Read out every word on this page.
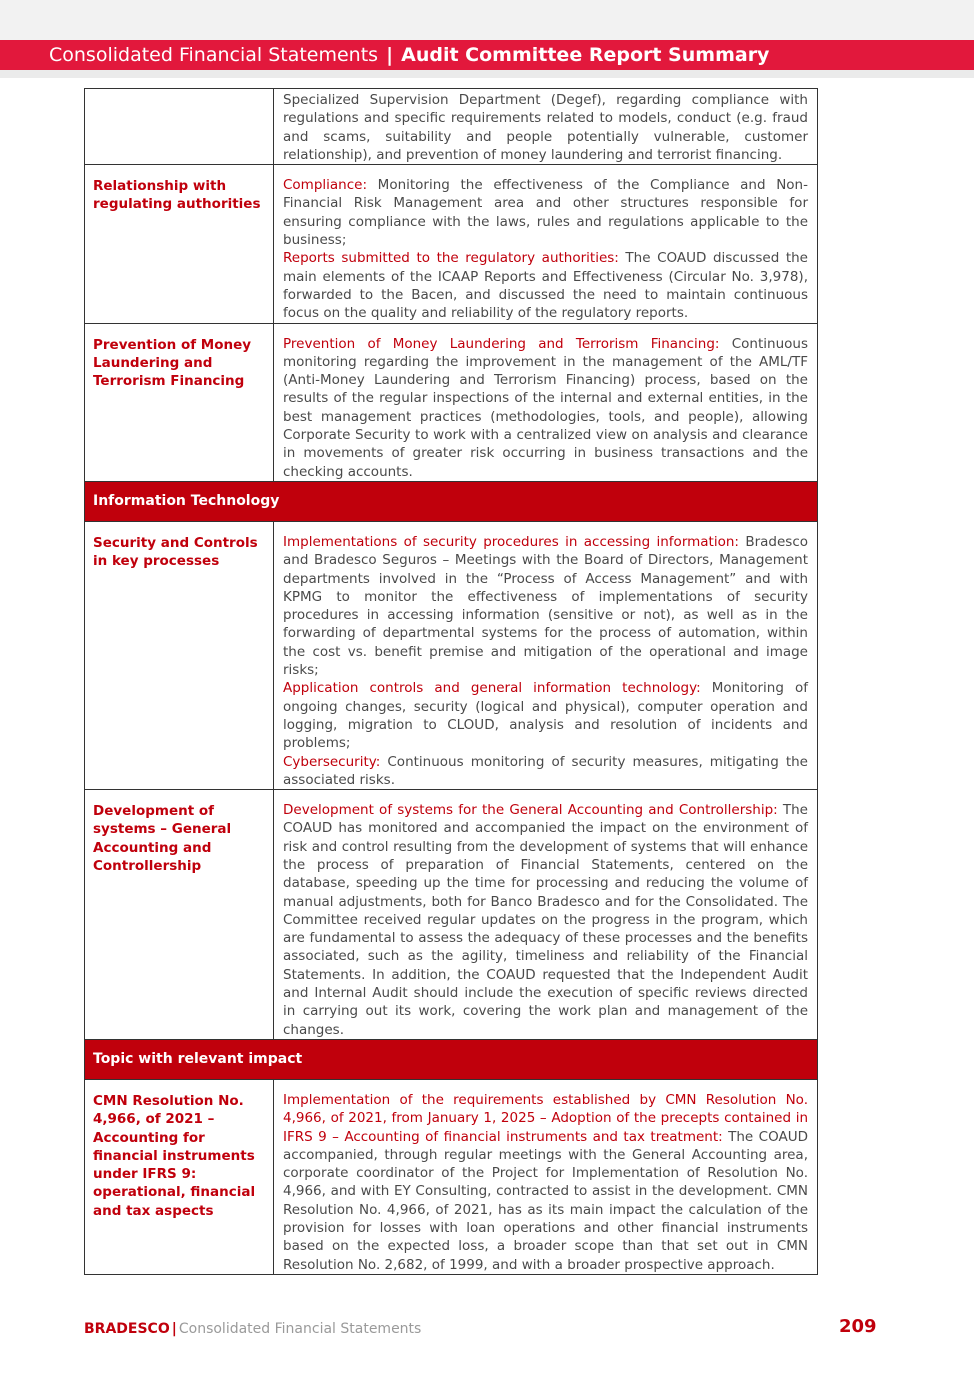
Consolidated Financial Statements | Audit Committee Report Summary

	Specialized Supervision Department (Degef), regarding compliance with regulations and specific requirements related to models, conduct (e.g. fraud and scams, suitability and people potentially vulnerable, customer relationship), and prevention of money laundering and terrorist financing.

Relationship with regulating authorities	Compliance: Monitoring the effectiveness of the Compliance and Non-Financial Risk Management area and other structures responsible for ensuring compliance with the laws, rules and regulations applicable to the business;

Reports submitted to the regulatory authorities: The COAUD discussed the main elements of the ICAAP Reports and Effectiveness (Circular No. 3,978), forwarded to the Bacen, and discussed the need to maintain continuous focus on the quality and reliability of the regulatory reports.

Prevention of Money Laundering and Terrorism Financing	Prevention of Money Laundering and Terrorism Financing: Continuous monitoring regarding the improvement in the management of the AML/TF (Anti-Money Laundering and Terrorism Financing) process, based on the results of the regular inspections of the internal and external entities, in the best management practices (methodologies, tools, and people), allowing Corporate Security to work with a centralized view on analysis and clearance in movements of greater risk occurring in business transactions and the checking accounts.

Information Technology	
Security and Controls in key processes	Implementations of security procedures in accessing information: Bradesco and Bradesco Seguros – Meetings with the Board of Directors, Management departments involved in the “Process of Access Management” and with KPMG to monitor the effectiveness of implementations of security procedures in accessing information (sensitive or not), as well as in the forwarding of departmental systems for the process of automation, within the cost vs. benefit premise and mitigation of the operational and image risks;

Application controls and general information technology: Monitoring of ongoing changes, security (logical and physical), computer operation and logging, migration to CLOUD, analysis and resolution of incidents and problems;

Cybersecurity: Continuous monitoring of security measures, mitigating the associated risks.

Development of systems – General Accounting and Controllership	Development of systems for the General Accounting and Controllership: The COAUD has monitored and accompanied the impact on the environment of risk and control resulting from the development of systems that will enhance the process of preparation of Financial Statements, centered on the database, speeding up the time for processing and reducing the volume of manual adjustments, both for Banco Bradesco and for the Consolidated. The Committee received regular updates on the progress in the program, which are fundamental to assess the adequacy of these processes and the benefits associated, such as the agility, timeliness and reliability of the Financial Statements. In addition, the COAUD requested that the Independent Audit and Internal Audit should include the execution of specific reviews directed in carrying out its work, covering the work plan and management of the changes.

Topic with relevant impact	
CMN Resolution No. 4,966, of 2021 – Accounting for financial instruments under IFRS 9: operational, financial and tax aspects	Implementation of the requirements established by CMN Resolution No. 4,966, of 2021, from January 1, 2025 – Adoption of the precepts contained in IFRS 9 – Accounting of financial instruments and tax treatment: The COAUD accompanied, through regular meetings with the General Accounting area, corporate coordinator of the Project for Implementation of Resolution No. 4,966, and with EY Consulting, contracted to assist in the development. CMN Resolution No. 4,966, of 2021, has as its main impact the calculation of the provision for losses with loan operations and other financial instruments based on the expected loss, a broader scope than that set out in CMN Resolution No. 2,682, of 1999, and with a broader prospective approach.

BRADESCO | Consolidated Financial Statements	209
